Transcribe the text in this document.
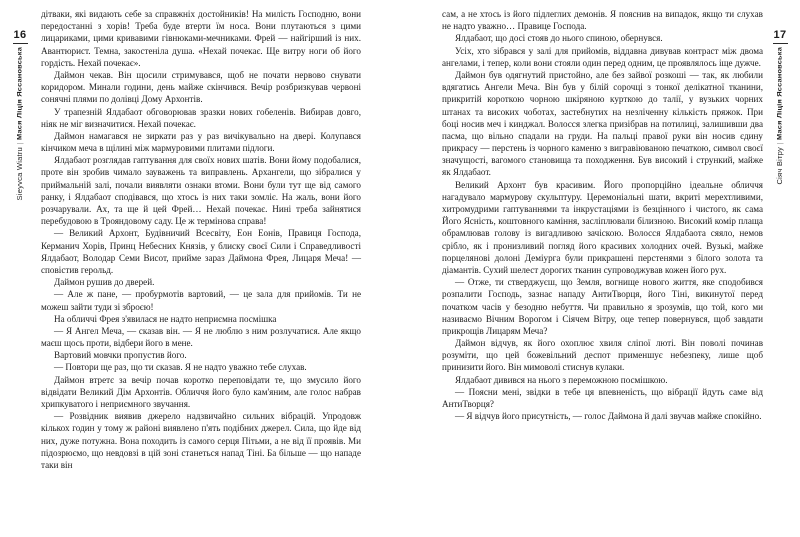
16
Мася Ліція Яссановська
|
Sieyvca Wiatru

дітваки, які видають себе за справжніх достойників! На милість Господню, вони передостанні з хорів! Треба буде втерти їм носа. Вони плутаються з цими лицариками, цими кривавими гівнюками-мечниками. Фрей — найгірший із них. Авантюрист. Темна, закостеніла душа. «Нехай почекає. Ще витру ноги об його гордість. Нехай почекає».

Даймон чекав. Він щосили стримувався, щоб не почати нервово снувати коридором. Минали години, день майже скінчився. Вечір розбризкував червоні сонячні плями по долівці Дому Архонтів.

У трапезній Ялдабаот обговорював зразки нових гобеленів. Вибирав довго, ніяк не міг визначитися. Нехай почекає.

Даймон намагався не зиркати раз у раз вичікувально на двері. Колупався кінчиком меча в щілині між мармуровими плитами підлоги.

Ялдабаот розглядав гаптування для своїх нових шатів. Вони йому подобалися, проте він зробив чимало зауважень та виправлень. Архангели, що зібралися у приймальній залі, почали виявляти ознаки втоми. Вони були тут ще від самого ранку, і Ялдабаот сподівався, що хтось із них таки зомліє. На жаль, вони його розчарували. Ах, та ще й цей Фрей… Нехай почекає. Нині треба зайнятися перебудовою в Трояндовому саду. Це ж термінова справа!

— Великий Архонт, Будівничий Всесвіту, Еон Еонів, Правиця Господа, Керманич Хорів, Принц Небесних Князів, у блиску своєї Сили і Справедливості Ялдабаот, Володар Семи Висот, прийме зараз Даймона Фрея, Лицаря Меча! — сповістив герольд.

Даймон рушив до дверей.

— Але ж пане, — пробурмотів вартовий, — це зала для прийомів. Ти не можеш зайти туди зі зброєю!

На обличчі Фрея з'явилася не надто неприємна посмішка

— Я Ангел Меча, — сказав він. — Я не люблю з ним розлучатися. Але якщо маєш щось проти, відбери його в мене.

Вартовий мовчки пропустив його.

— Повтори ще раз, що ти сказав. Я не надто уважно тебе слухав.

Даймон втретє за вечір почав коротко переповідати те, що змусило його відвідати Великий Дім Архонтів. Обличчя його було кам'яним, але голос набрав хрипкуватого і неприємного звучання.

— Розвідник виявив джерело надзвичайно сильних вібрацій. Упродовж кількох годин у тому ж районі виявлено п'ять подібних джерел. Сила, що йде від них, дуже потужна. Вона походить із самого серця Пітьми, а не від її проявів. Ми підозрюємо, що невдовзі в цій зоні станеться напад Тіні. Ба більше — що нападе таки він

сам, а не хтось із його підлеглих демонів. Я пояснив на випадок, якщо ти слухав не надто уважно… Правице Господа.

Ялдабаот, що досі стояв до нього спиною, обернувся.

Усіх, хто зібрався у залі для прийомів, віддавна дивував контраст між двома ангелами, і тепер, коли вони стояли один перед одним, це проявлялось іще дужче.

Даймон був одягнутий пристойно, але без зайвої розкоші — так, як любили вдягатись Ангели Меча. Він був у білій сорочці з тонкої делікатної тканини, прикритій короткою чорною шкіряною курткою до талії, у вузьких чорних штанах та високих чоботах, застебнутих на незліченну кількість пряжок. При боці носив меч і кинджал. Волосся злегка призібрав на потилиці, залишивши два пасма, що вільно спадали на груди. На пальці правої руки він носив єдину прикрасу — перстень із чорного каменю з вигравіюваною печаткою, символ своєї значущості, вагомого становища та походження. Був високий і стрункий, майже як Ялдабаот.

Великий Архонт був красивим. Його пропорційно ідеальне обличчя нагадувало мармурову скульптуру. Церемоніальні шати, вкриті мерехтливими, хитромудрими гаптуваннями та інкрустаціями із безцінного і чистого, як сама Його Ясність, коштовного каміння, засліплювали білизною. Високий комір плаща обрамлював голову із вигадливою зачіскою. Волосся Ялдабаота сяяло, немов срібло, як і пронизливий погляд його красивих холодних очей. Вузькі, майже порцелянові долоні Деміурга були прикрашені перстенями з білого золота та діамантів. Сухий шелест дорогих тканин супроводжував кожен його рух.

— Отже, ти стверджуєш, що Земля, вогнище нового життя, яке сподобився розпалити Господь, зазнає нападу АнтиТворця, його Тіні, викинутої перед початком часів у безодню небуття. Чи правильно я зрозумів, що той, кого ми називаємо Вічним Ворогом і Сіячем Вітру, оце тепер повернувся, щоб завдати прикрощів Лицарям Меча?

Даймон відчув, як його охоплює хвиля сліпої люті. Він поволі починав розуміти, що цей божевільний деспот применшує небезпеку, лише щоб принизити його. Він мимоволі стиснув кулаки.

Ялдабаот дивився на нього з переможною посмішкою.

— Поясни мені, звідки в тебе ця впевненість, що вібрації йдуть саме від АнтиТворця?

— Я відчув його присутність, — голос Даймона й далі звучав майже спокійно.

17
Мася Ліція Яссановська
|
Сіяч Вітру
